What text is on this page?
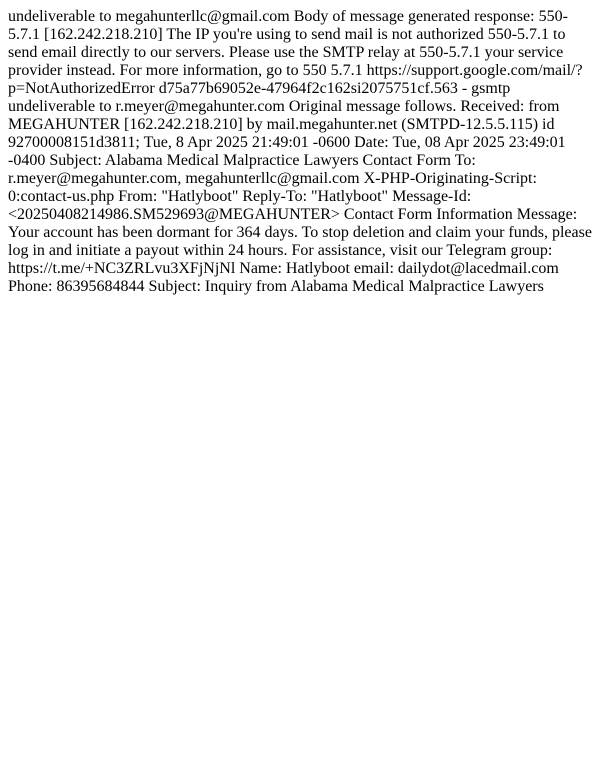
undeliverable to megahunterllc@gmail.com Body of message generated response: 550-5.7.1 [162.242.218.210] The IP you're using to send mail is not authorized 550-5.7.1 to send email directly to our servers. Please use the SMTP relay at 550-5.7.1 your service provider instead. For more information, go to 550 5.7.1 https://support.google.com/mail/?p=NotAuthorizedError d75a77b69052e-47964f2c162si2075751cf.563 - gsmtp undeliverable to r.meyer@megahunter.com Original message follows. Received: from MEGAHUNTER [162.242.218.210] by mail.megahunter.net (SMTPD-12.5.5.115) id 92700008151d3811; Tue, 8 Apr 2025 21:49:01 -0600 Date: Tue, 08 Apr 2025 23:49:01 -0400 Subject: Alabama Medical Malpractice Lawyers Contact Form To: r.meyer@megahunter.com, megahunterllc@gmail.com X-PHP-Originating-Script: 0:contact-us.php From: "Hatlyboot" Reply-To: "Hatlyboot" Message-Id: <20250408214986.SM529693@MEGAHUNTER> Contact Form Information Message: Your account has been dormant for 364 days. To stop deletion and claim your funds, please log in and initiate a payout within 24 hours. For assistance, visit our Telegram group: https://t.me/+NC3ZRLvu3XFjNjNl Name: Hatlyboot email: dailydot@lacedmail.com Phone: 86395684844 Subject: Inquiry from Alabama Medical Malpractice Lawyers
